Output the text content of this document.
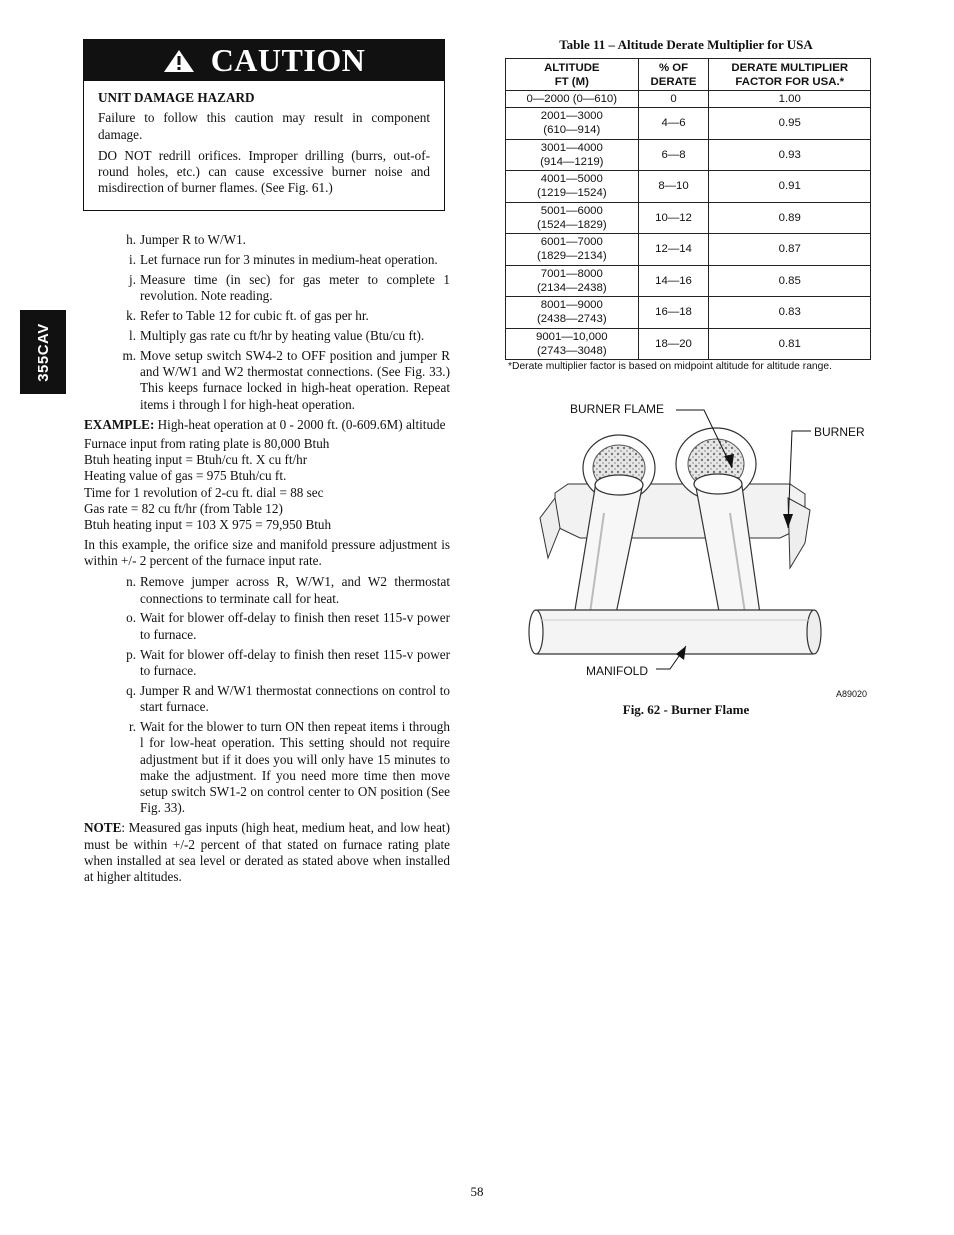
355CAV
CAUTION
UNIT DAMAGE HAZARD

Failure to follow this caution may result in component damage.

DO NOT redrill orifices. Improper drilling (burrs, out-of-round holes, etc.) can cause excessive burner noise and misdirection of burner flames. (See Fig. 61.)

h. Jumper R to W/W1.
i. Let furnace run for 3 minutes in medium-heat operation.
j. Measure time (in sec) for gas meter to complete 1 revolution. Note reading.
k. Refer to Table 12 for cubic ft. of gas per hr.
l. Multiply gas rate cu ft/hr by heating value (Btu/cu ft).
m. Move setup switch SW4-2 to OFF position and jumper R and W/W1 and W2 thermostat connections. (See Fig. 33.) This keeps furnace locked in high-heat operation. Repeat items i through l for high-heat operation.

EXAMPLE: High-heat operation at 0 - 2000 ft. (0-609.6M) altitude

Furnace input from rating plate is 80,000 Btuh

Btuh heating input = Btuh/cu ft. X cu ft/hr

Heating value of gas = 975 Btuh/cu ft.

Time for 1 revolution of 2-cu ft. dial = 88 sec

Gas rate = 82 cu ft/hr (from Table 12)

Btuh heating input = 103 X 975 = 79,950 Btuh

In this example, the orifice size and manifold pressure adjustment is within +/- 2 percent of the furnace input rate.

n. Remove jumper across R, W/W1, and W2 thermostat connections to terminate call for heat.
o. Wait for blower off-delay to finish then reset 115-v power to furnace.
p. Wait for blower off-delay to finish then reset 115-v power to furnace.
q. Jumper R and W/W1 thermostat connections on control to start furnace.
r. Wait for the blower to turn ON then repeat items i through l for low-heat operation. This setting should not require adjustment but if it does you will only have 15 minutes to make the adjustment. If you need more time then move setup switch SW1-2 on control center to ON position (See Fig. 33).

NOTE: Measured gas inputs (high heat, medium heat, and low heat) must be within +/-2 percent of that stated on furnace rating plate when installed at sea level or derated as stated above when installed at higher altitudes.

Table 11 – Altitude Derate Multiplier for USA
ALTITUDE
FT (M)	% OF
DERATE	DERATE MULTIPLIER
FACTOR FOR USA.*
0—2000 (0—610)	0	1.00
2001—3000
(610—914)	4—6	0.95
3001—4000
(914—1219)	6—8	0.93
4001—5000
(1219—1524)	8—10	0.91
5001—6000
(1524—1829)	10—12	0.89
6001—7000
(1829—2134)	12—14	0.87
7001—8000
(2134—2438)	14—16	0.85
8001—9000
(2438—2743)	16—18	0.83
9001—10,000
(2743—3048)	18—20	0.81
*Derate multiplier factor is based on midpoint altitude for altitude range.
BURNER FLAME
BURNER
MANIFOLD
A89020
Fig. 62 - Burner Flame
58
